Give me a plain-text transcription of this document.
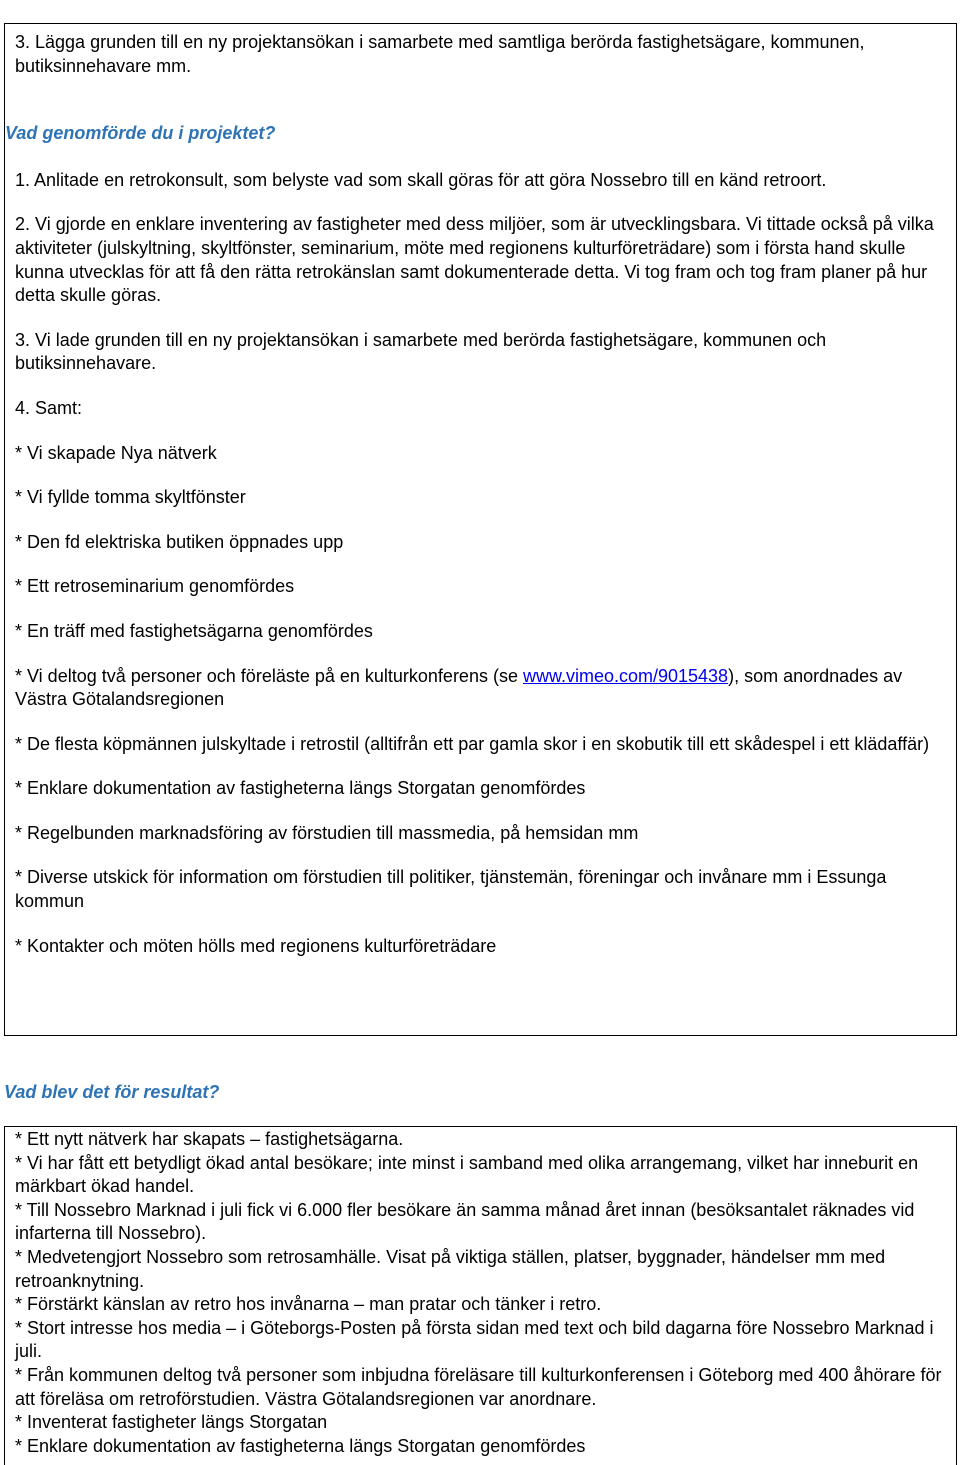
3. Lägga grunden till en ny projektansökan i samarbete med samtliga berörda fastighetsägare, kommunen, butiksinnehavare mm.

Vad genomförde du i projektet?

1. Anlitade en retrokonsult, som belyste vad som skall göras för att göra Nossebro till en känd retroort.

2. Vi gjorde en enklare inventering av fastigheter med dess miljöer, som är utvecklingsbara. Vi tittade också på vilka aktiviteter (julskyltning, skyltfönster, seminarium, möte med regionens kulturföreträdare) som i första hand skulle kunna utvecklas för att få den rätta retrokänslan samt dokumenterade detta. Vi tog fram och tog fram planer på hur detta skulle göras.

3. Vi lade grunden till en ny projektansökan i samarbete med berörda fastighetsägare, kommunen och butiksinnehavare.

4. Samt:

* Vi skapade Nya nätverk

* Vi fyllde tomma skyltfönster

* Den fd elektriska butiken öppnades upp

* Ett retroseminarium genomfördes

* En träff med fastighetsägarna genomfördes

* Vi deltog två personer och föreläste på en kulturkonferens (se www.vimeo.com/9015438), som anordnades av Västra Götalandsregionen

* De flesta köpmännen julskyltade i retrostil (alltifrån ett par gamla skor i en skobutik till ett skådespel i ett klädaffär)

* Enklare dokumentation av fastigheterna längs Storgatan genomfördes

* Regelbunden marknadsföring av förstudien till massmedia, på hemsidan mm

* Diverse utskick för information om förstudien till politiker, tjänstemän, föreningar och invånare mm i Essunga kommun

* Kontakter och möten hölls med regionens kulturföreträdare

Vad blev det för resultat?

* Ett nytt nätverk har skapats – fastighetsägarna.

* Vi har fått ett betydligt ökad antal besökare; inte minst i samband med olika arrangemang, vilket har inneburit en märkbart ökad handel.

* Till Nossebro Marknad i juli fick vi 6.000 fler besökare än samma månad året innan (besöksantalet räknades vid infarterna till Nossebro).

* Medvetengjort Nossebro som retrosamhälle. Visat på viktiga ställen, platser, byggnader, händelser mm med retroanknytning.

* Förstärkt känslan av retro hos invånarna – man pratar och tänker i retro.

* Stort intresse hos media – i Göteborgs-Posten på första sidan med text och bild dagarna före Nossebro Marknad i juli.

* Från kommunen deltog två personer som inbjudna föreläsare till kulturkonferensen i Göteborg med 400 åhörare för att föreläsa om retroförstudien. Västra Götalandsregionen var anordnare.

* Inventerat fastigheter längs Storgatan

* Enklare dokumentation av fastigheterna längs Storgatan genomfördes
